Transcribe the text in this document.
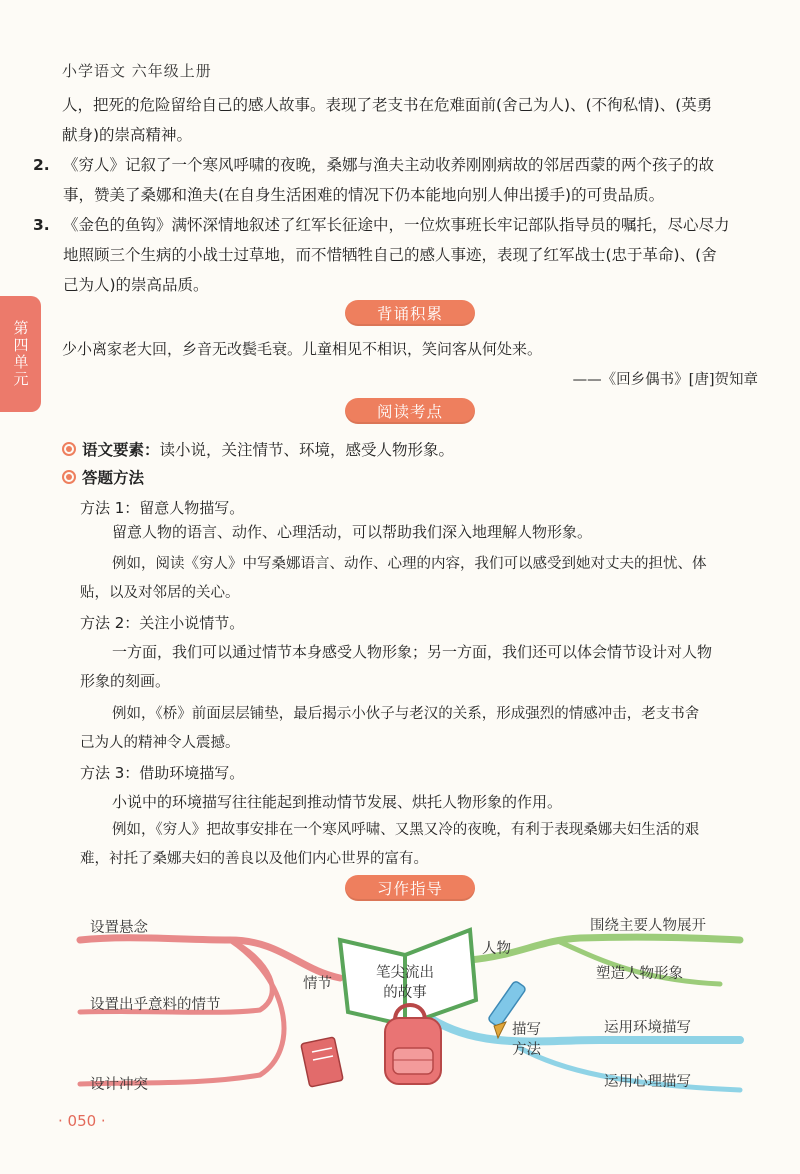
小学语文 六年级上册
人，把死的危险留给自己的感人故事。表现了老支书在危难面前(舍己为人)、(不徇私情)、(英勇
献身)的崇高精神。
2. 《穷人》记叙了一个寒风呼啸的夜晚，桑娜与渔夫主动收养刚刚病故的邻居西蒙的两个孩子的故
事，赞美了桑娜和渔夫(在自身生活困难的情况下仍本能地向别人伸出援手)的可贵品质。
3. 《金色的鱼钩》满怀深情地叙述了红军长征途中，一位炊事班长牢记部队指导员的嘱托，尽心尽力
地照顾三个生病的小战士过草地，而不惜牺牲自己的感人事迹，表现了红军战士(忠于革命)、(舍
己为人)的崇高品质。
第四单元
背诵积累
少小离家老大回，乡音无改鬓毛衰。儿童相见不相识，笑问客从何处来。
——《回乡偶书》[唐]贺知章
阅读考点
语文要素：读小说，关注情节、环境，感受人物形象。
答题方法
方法 1：留意人物描写。
留意人物的语言、动作、心理活动，可以帮助我们深入地理解人物形象。
例如，阅读《穷人》中写桑娜语言、动作、心理的内容，我们可以感受到她对丈夫的担忧、体
贴，以及对邻居的关心。
方法 2：关注小说情节。
一方面，我们可以通过情节本身感受人物形象；另一方面，我们还可以体会情节设计对人物
形象的刻画。
例如，《桥》前面层层铺垫，最后揭示小伙子与老汉的关系，形成强烈的情感冲击，老支书舍
己为人的精神令人震撼。
方法 3：借助环境描写。
小说中的环境描写往往能起到推动情节发展、烘托人物形象的作用。
例如，《穷人》把故事安排在一个寒风呼啸、又黑又冷的夜晚，有利于表现桑娜夫妇生活的艰
难，衬托了桑娜夫妇的善良以及他们内心世界的富有。
习作指导
笔尖流出
的故事
情节
人物
描写
方法
设置悬念
设置出乎意料的情节
设计冲突
围绕主要人物展开
塑造人物形象
运用环境描写
运用心理描写
· 050 ·
